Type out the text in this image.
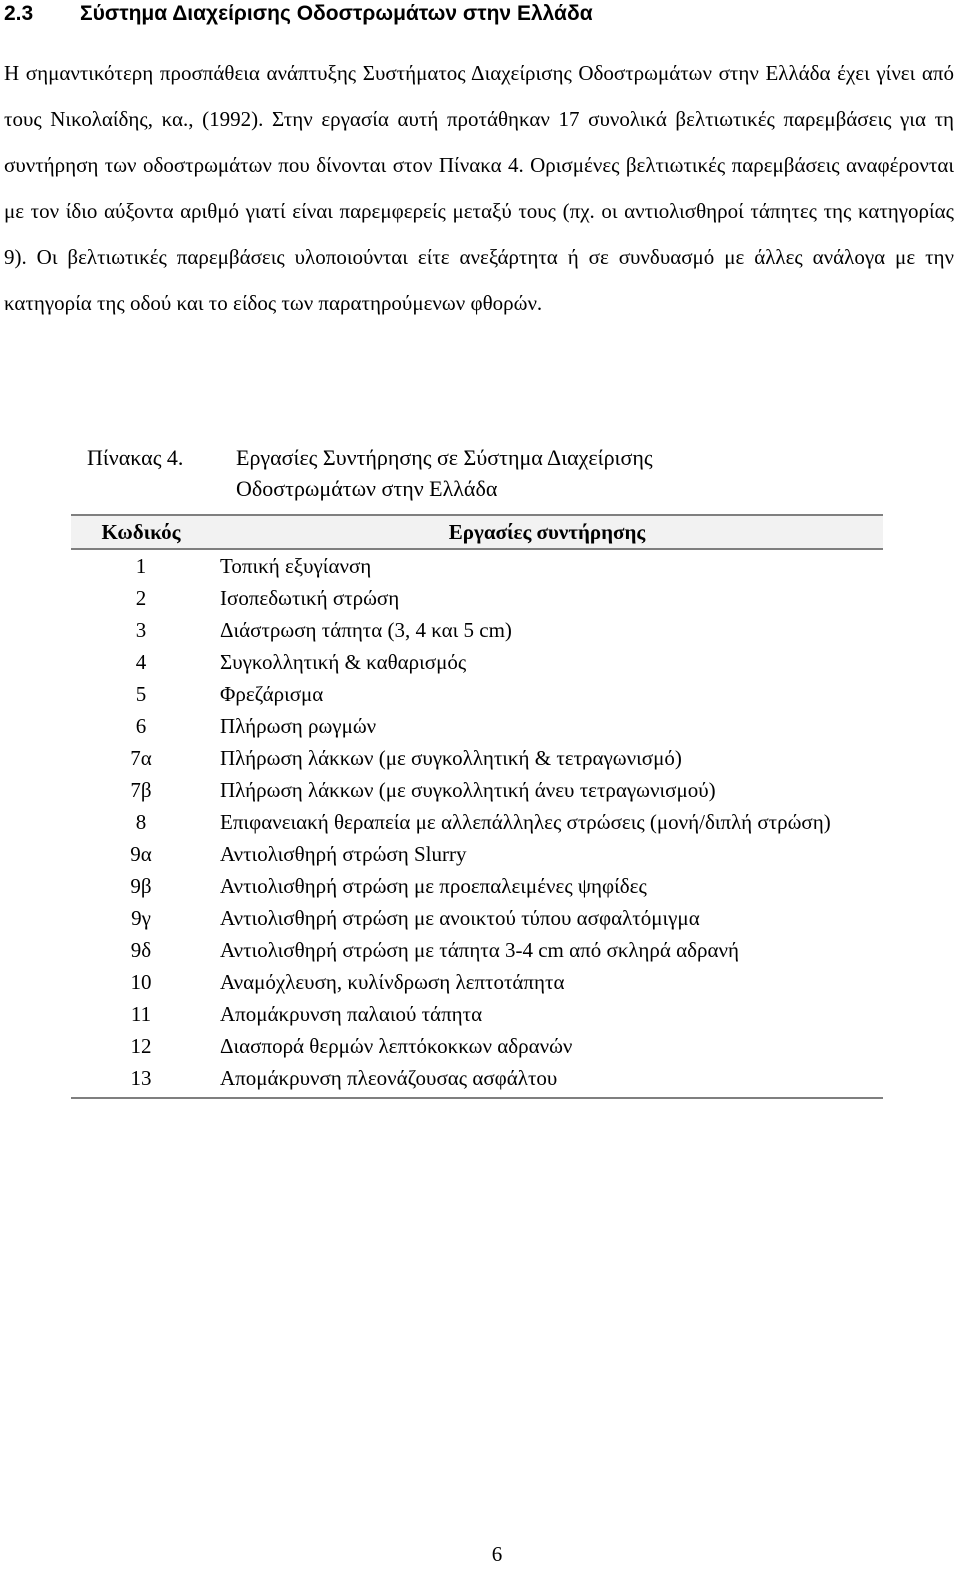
2.3 Σύστημα Διαχείρισης Οδοστρωμάτων στην Ελλάδα

Η σημαντικότερη προσπάθεια ανάπτυξης Συστήματος Διαχείρισης Οδοστρωμάτων στην Ελλάδα έχει γίνει από τους Νικολαίδης, κα., (1992). Στην εργασία αυτή προτάθηκαν 17 συνολικά βελτιωτικές παρεμβάσεις για τη συντήρηση των οδοστρωμάτων που δίνονται στον Πίνακα 4. Ορισμένες βελτιωτικές παρεμβάσεις αναφέρονται με τον ίδιο αύξοντα αριθμό γιατί είναι παρεμφερείς μεταξύ τους (πχ. οι αντιολισθηροί τάπητες της κατηγορίας 9). Οι βελτιωτικές παρεμβάσεις υλοποιούνται είτε ανεξάρτητα ή σε συνδυασμό με άλλες ανάλογα με την κατηγορία της οδού και το είδος των παρατηρούμενων φθορών.

Πίνακας 4. Εργασίες Συντήρησης σε Σύστημα Διαχείρισης Οδοστρωμάτων στην Ελλάδα
Κωδικός	Εργασίες συντήρησης
1	Τοπική εξυγίανση
2	Ισοπεδωτική στρώση
3	Διάστρωση τάπητα (3, 4 και 5 cm)
4	Συγκολλητική & καθαρισμός
5	Φρεζάρισμα
6	Πλήρωση ρωγμών
7α	Πλήρωση λάκκων (με συγκολλητική & τετραγωνισμό)
7β	Πλήρωση λάκκων (με συγκολλητική άνευ τετραγωνισμού)
8	Επιφανειακή θεραπεία με αλλεπάλληλες στρώσεις (μονή/διπλή στρώση)
9α	Αντιολισθηρή στρώση Slurry
9β	Αντιολισθηρή στρώση με προεπαλειμένες ψηφίδες
9γ	Αντιολισθηρή στρώση με ανοικτού τύπου ασφαλτόμιγμα
9δ	Αντιολισθηρή στρώση με τάπητα 3-4 cm από σκληρά αδρανή
10	Αναμόχλευση, κυλίνδρωση λεπτοτάπητα
11	Απομάκρυνση παλαιού τάπητα
12	Διασπορά θερμών λεπτόκοκκων αδρανών
13	Απομάκρυνση πλεονάζουσας ασφάλτου
6
